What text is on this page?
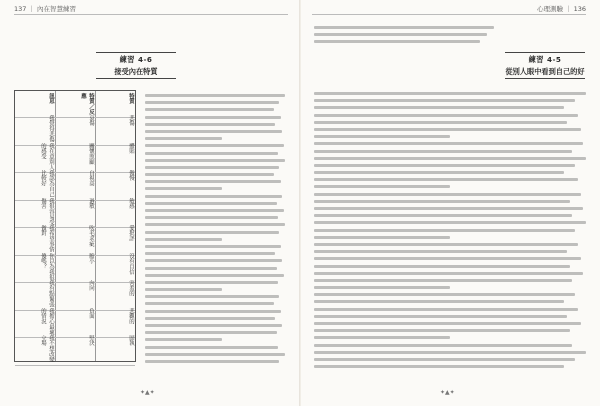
137 ｜ 內在智慧練習
練習 4-6
接受內在特質
訊息
我覺得悲傷
我在意別人的感受
我認為自己比較好
我很容易受傷害
我希望事情做對
你以為我很傻嗎？
我有點緊張
我擔心最壞的情況
我不想改變立場
特質／反應
哀傷
關懷照顧
自視高
過敏
吹毛求疵
膽小
內向
負面
堅決
特質
悲傷
體貼
傲慢
敏感
愛批評
沒有自信
害羞的
悲觀的
固執
✦▲✦
心理測驗 ｜ 136
練習 4-5
從別人眼中看到自己的好
✦▲✦
